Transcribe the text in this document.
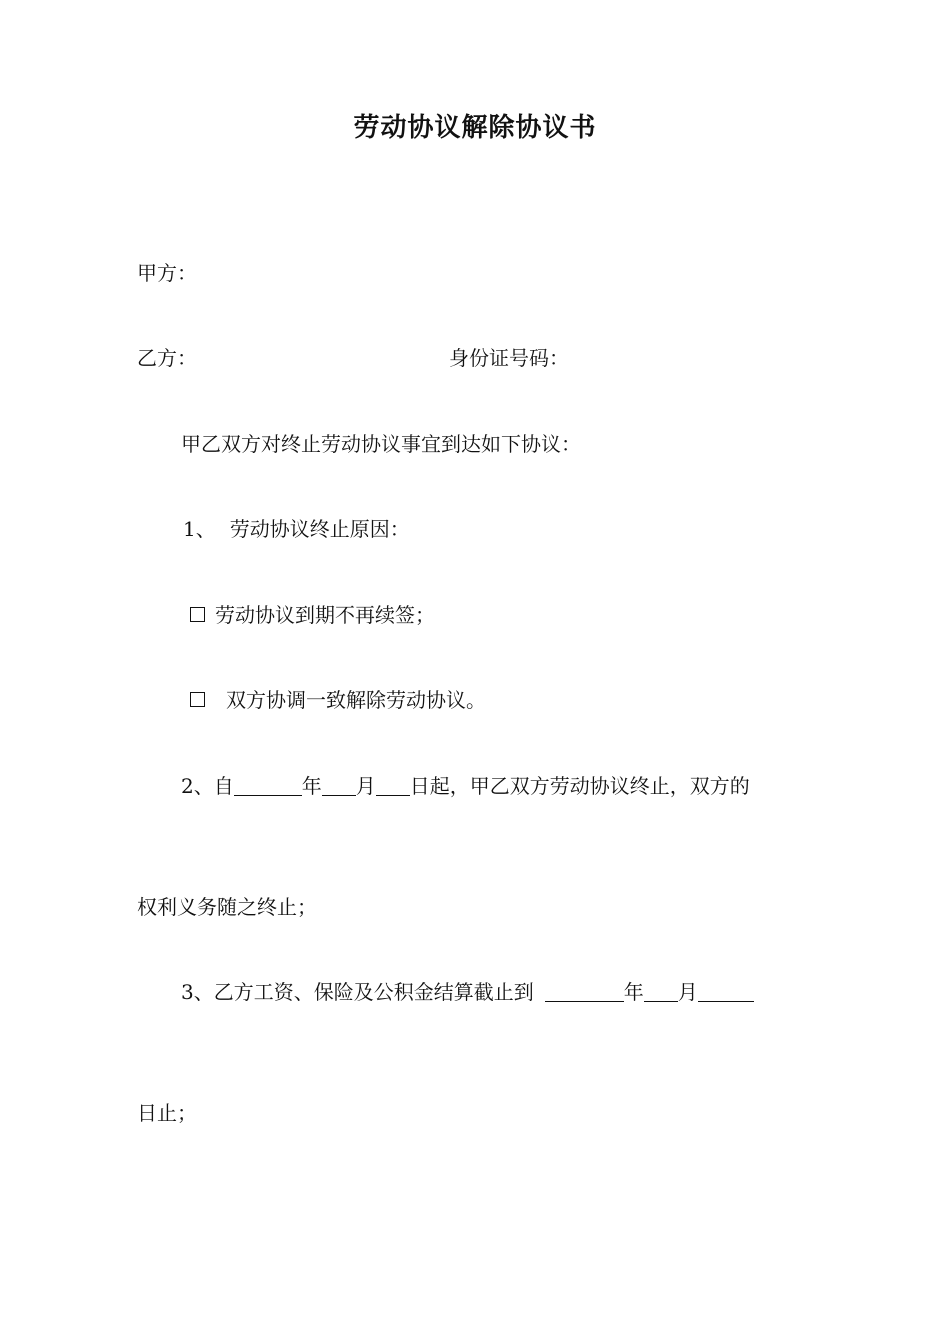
劳动协议解除协议书
甲方：
乙方：	身份证号码：
甲乙双方对终止劳动协议事宜到达如下协议：
1、 劳动协议终止原因：
劳动协议到期不再续签；
双方协调一致解除劳动协议。
2、自	年 月 日起，甲乙双方劳动协议终止，双方的
权利义务随之终止；
3、乙方工资、保险及公积金结算截止到	年 月
日止；
